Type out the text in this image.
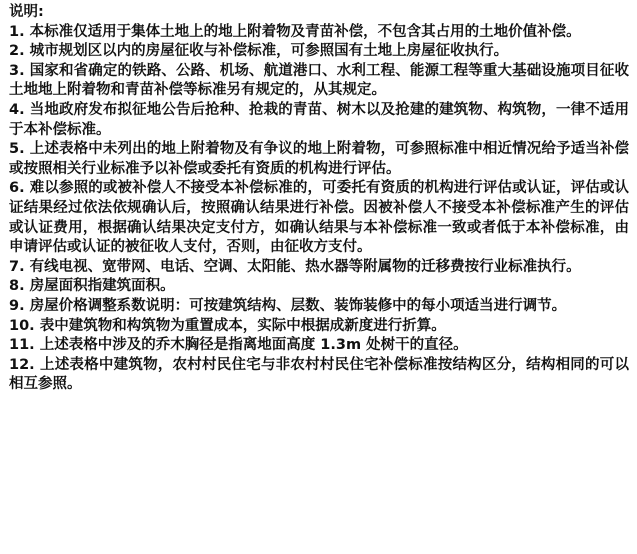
说明:

1. 本标准仅适用于集体土地上的地上附着物及青苗补偿，不包含其占用的土地价值补偿。

2. 城市规划区以内的房屋征收与补偿标准，可参照国有土地上房屋征收执行。

3. 国家和省确定的铁路、公路、机场、航道港口、水利工程、能源工程等重大基础设施项目征收土地地上附着物和青苗补偿等标准另有规定的，从其规定。

4. 当地政府发布拟征地公告后抢种、抢栽的青苗、树木以及抢建的建筑物、构筑物，一律不适用于本补偿标准。

5. 上述表格中未列出的地上附着物及有争议的地上附着物，可参照标准中相近情况给予适当补偿或按照相关行业标准予以补偿或委托有资质的机构进行评估。

6. 难以参照的或被补偿人不接受本补偿标准的，可委托有资质的机构进行评估或认证，评估或认证结果经过依法依规确认后，按照确认结果进行补偿。因被补偿人不接受本补偿标准产生的评估或认证费用，根据确认结果决定支付方，如确认结果与本补偿标准一致或者低于本补偿标准，由申请评估或认证的被征收人支付，否则，由征收方支付。

7. 有线电视、宽带网、电话、空调、太阳能、热水器等附属物的迁移费按行业标准执行。

8. 房屋面积指建筑面积。

9. 房屋价格调整系数说明：可按建筑结构、层数、装饰装修中的每小项适当进行调节。

10. 表中建筑物和构筑物为重置成本，实际中根据成新度进行折算。

11. 上述表格中涉及的乔木胸径是指离地面高度 1.3m 处树干的直径。

12. 上述表格中建筑物，农村村民住宅与非农村村民住宅补偿标准按结构区分，结构相同的可以相互参照。
